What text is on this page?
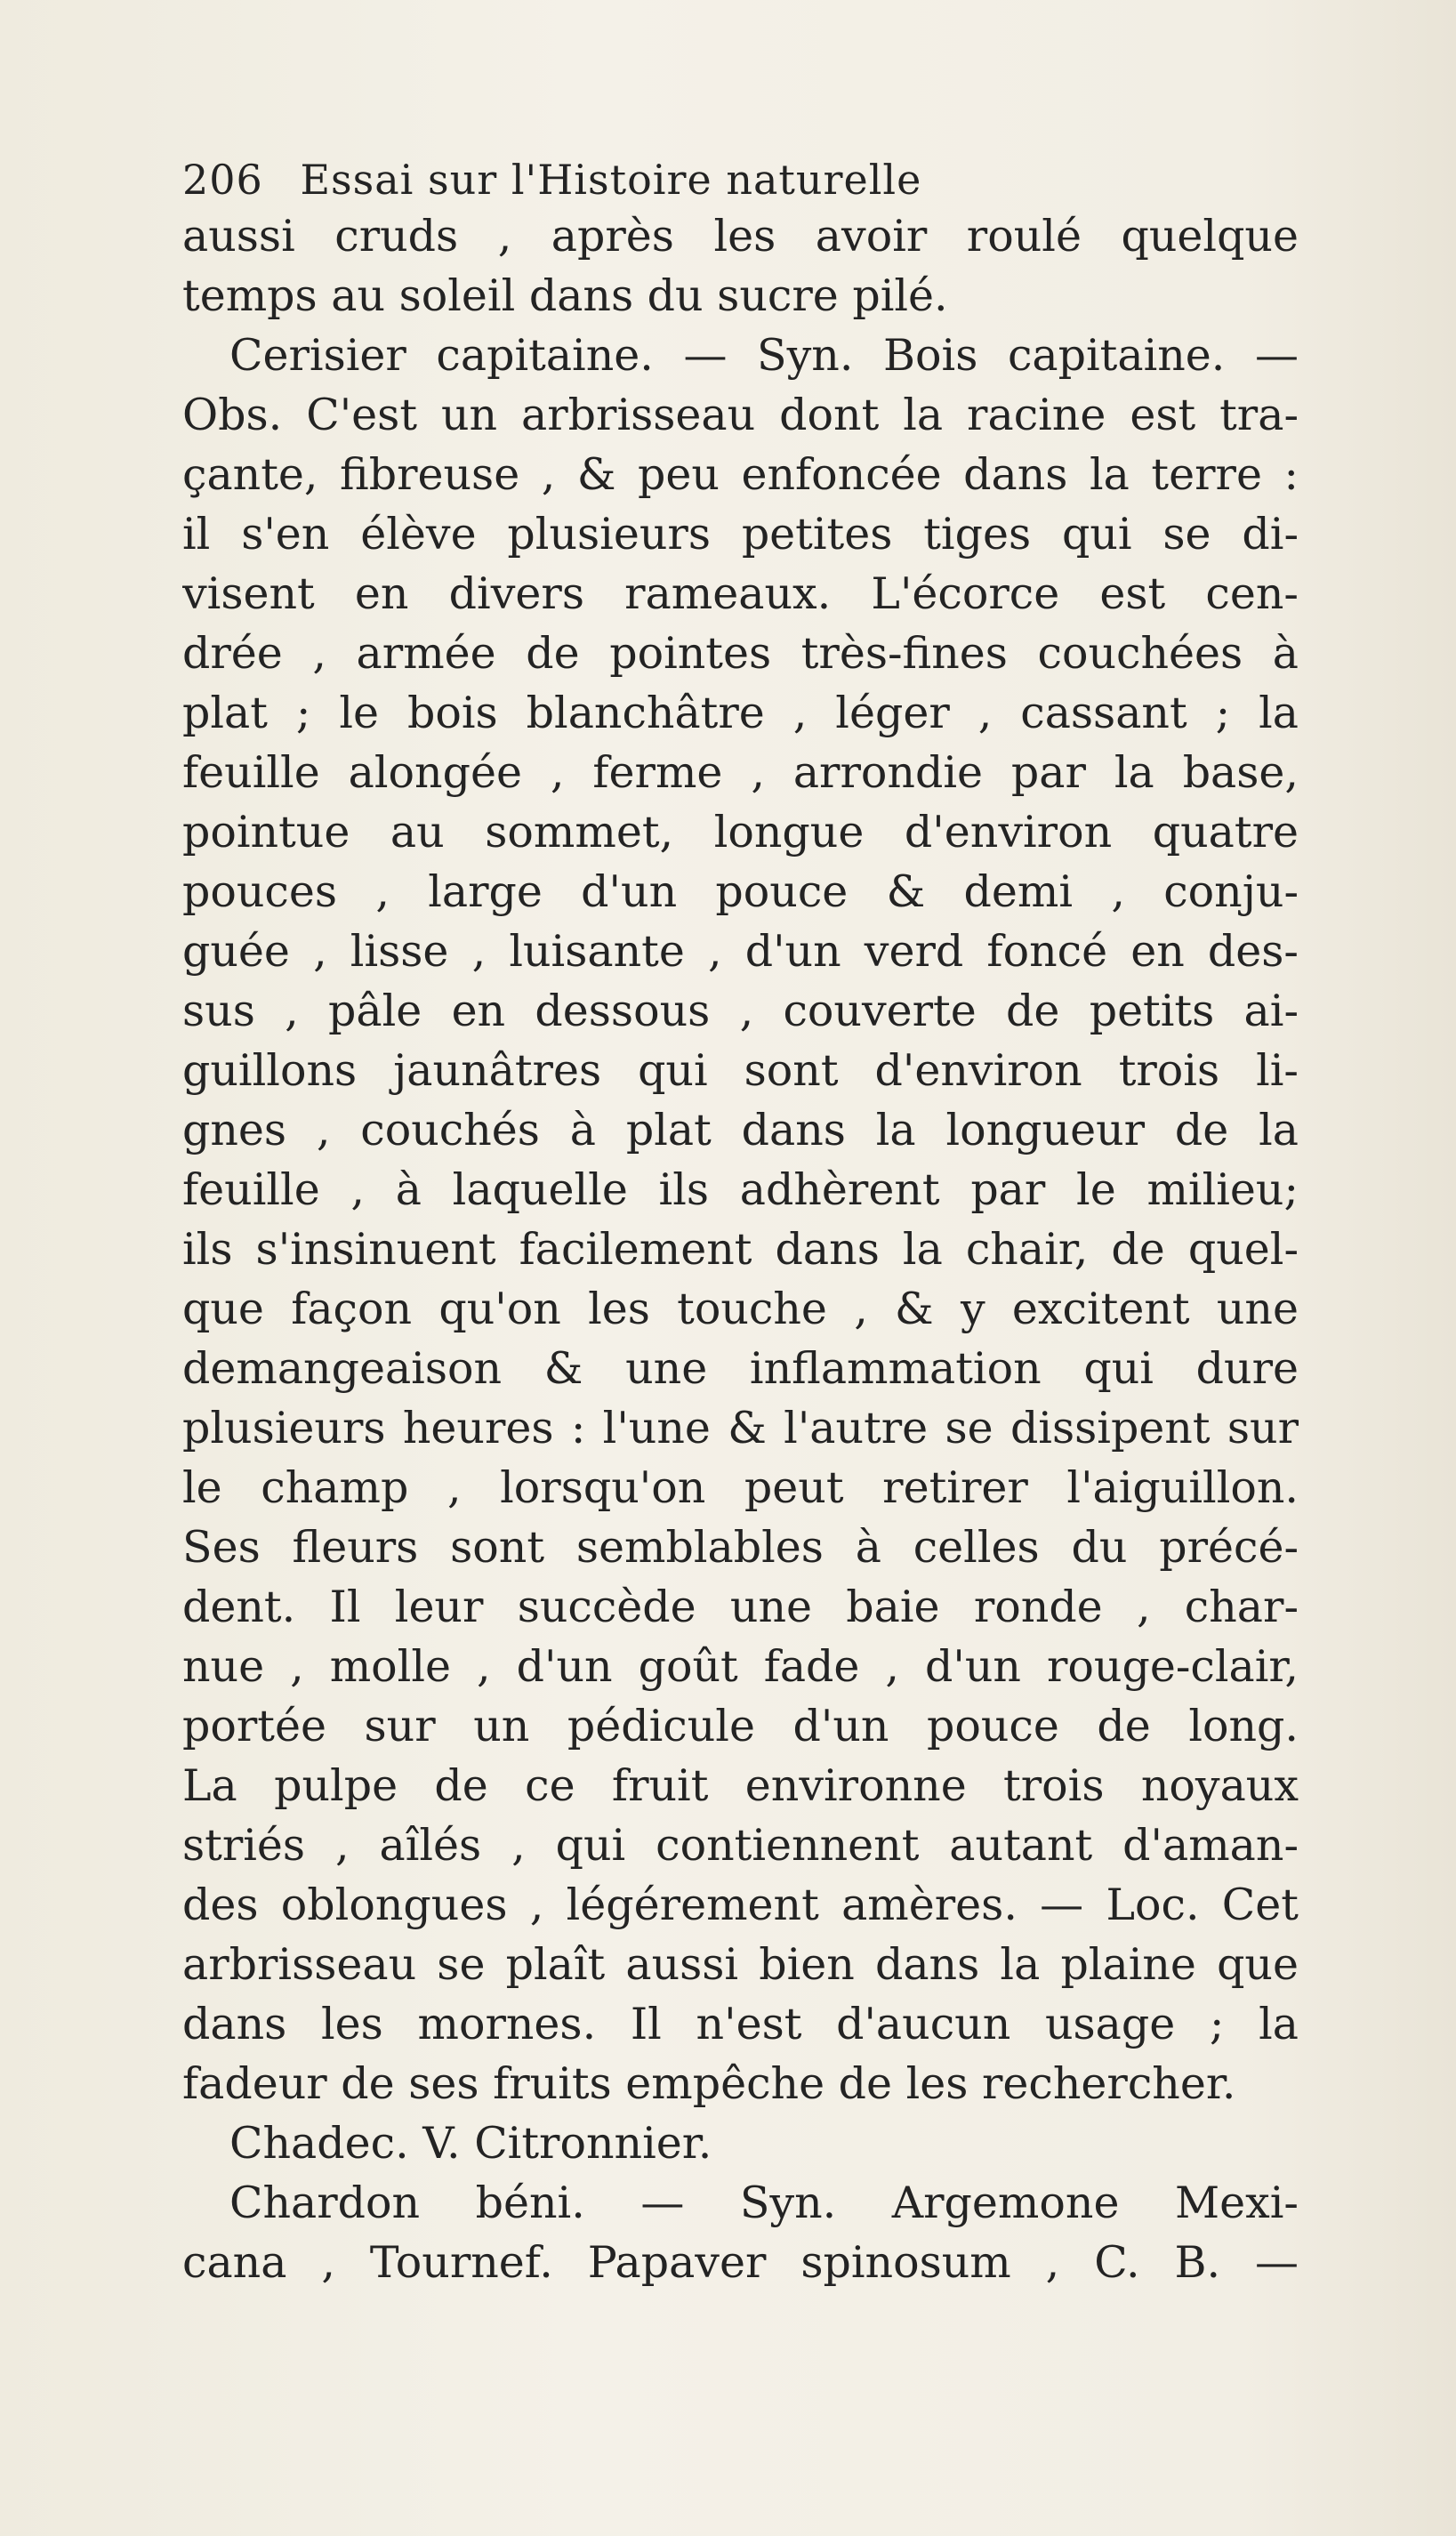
206 Essai sur l'Histoire naturelle
aussi cruds , après les avoir roulé quelque
temps au soleil dans du sucre pilé.
Cerisier capitaine. — Syn. Bois capitaine. —
Obs. C'est un arbrisseau dont la racine est tra-
çante, fibreuse , & peu enfoncée dans la terre :
il s'en élève plusieurs petites tiges qui se di-
visent en divers rameaux. L'écorce est cen-
drée , armée de pointes très-fines couchées à
plat ; le bois blanchâtre , léger , cassant ; la
feuille alongée , ferme , arrondie par la base,
pointue au sommet, longue d'environ quatre
pouces , large d'un pouce & demi , conju-
guée , lisse , luisante , d'un verd foncé en des-
sus , pâle en dessous , couverte de petits ai-
guillons jaunâtres qui sont d'environ trois li-
gnes , couchés à plat dans la longueur de la
feuille , à laquelle ils adhèrent par le milieu;
ils s'insinuent facilement dans la chair, de quel-
que façon qu'on les touche , & y excitent une
demangeaison & une inflammation qui dure
plusieurs heures : l'une & l'autre se dissipent sur
le champ , lorsqu'on peut retirer l'aiguillon.
Ses fleurs sont semblables à celles du précé-
dent. Il leur succède une baie ronde , char-
nue , molle , d'un goût fade , d'un rouge-clair,
portée sur un pédicule d'un pouce de long.
La pulpe de ce fruit environne trois noyaux
striés , aîlés , qui contiennent autant d'aman-
des oblongues , légérement amères. — Loc. Cet
arbrisseau se plaît aussi bien dans la plaine que
dans les mornes. Il n'est d'aucun usage ; la
fadeur de ses fruits empêche de les rechercher.
Chadec. V. Citronnier.
Chardon béni. — Syn. Argemone Mexi-
cana , Tournef. Papaver spinosum , C. B. —
